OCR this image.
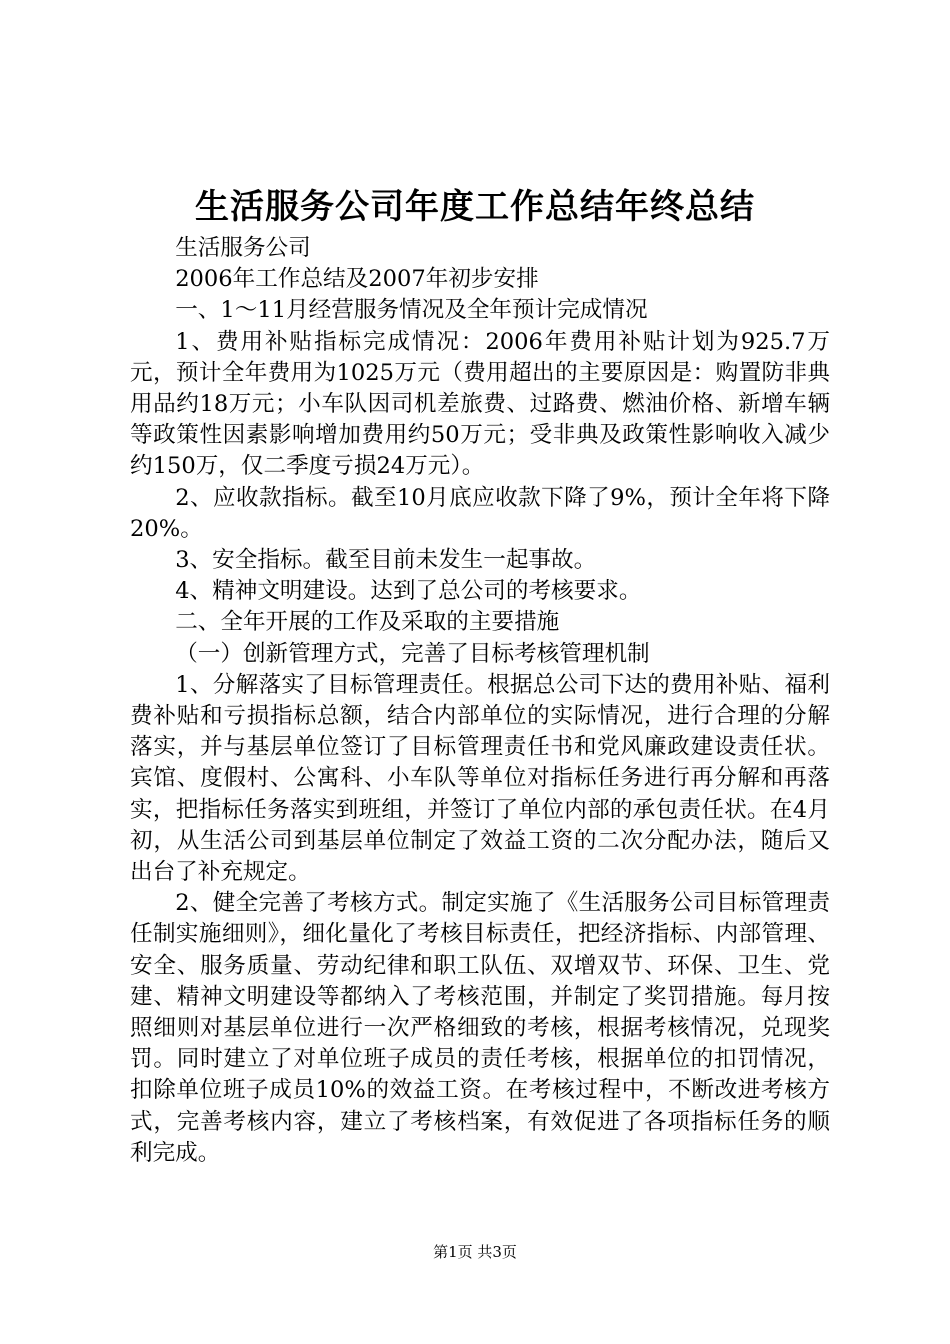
生活服务公司年度工作总结年终总结

生活服务公司

2006年工作总结及2007年初步安排

一、1～11月经营服务情况及全年预计完成情况

1、费用补贴指标完成情况：2006年费用补贴计划为925.7万元，预计全年费用为1025万元（费用超出的主要原因是：购置防非典用品约18万元；小车队因司机差旅费、过路费、燃油价格、新增车辆等政策性因素影响增加费用约50万元；受非典及政策性影响收入减少约150万，仅二季度亏损24万元）。

2、应收款指标。截至10月底应收款下降了9%，预计全年将下降20%。

3、安全指标。截至目前未发生一起事故。

4、精神文明建设。达到了总公司的考核要求。

二、全年开展的工作及采取的主要措施

（一）创新管理方式，完善了目标考核管理机制

1、分解落实了目标管理责任。根据总公司下达的费用补贴、福利费补贴和亏损指标总额，结合内部单位的实际情况，进行合理的分解落实，并与基层单位签订了目标管理责任书和党风廉政建设责任状。宾馆、度假村、公寓科、小车队等单位对指标任务进行再分解和再落实，把指标任务落实到班组，并签订了单位内部的承包责任状。在4月初，从生活公司到基层单位制定了效益工资的二次分配办法，随后又出台了补充规定。

2、健全完善了考核方式。制定实施了《生活服务公司目标管理责任制实施细则》，细化量化了考核目标责任，把经济指标、内部管理、安全、服务质量、劳动纪律和职工队伍、双增双节、环保、卫生、党建、精神文明建设等都纳入了考核范围，并制定了奖罚措施。每月按照细则对基层单位进行一次严格细致的考核，根据考核情况，兑现奖罚。同时建立了对单位班子成员的责任考核，根据单位的扣罚情况，扣除单位班子成员10%的效益工资。在考核过程中，不断改进考核方式，完善考核内容，建立了考核档案，有效促进了各项指标任务的顺利完成。

第1页 共3页
